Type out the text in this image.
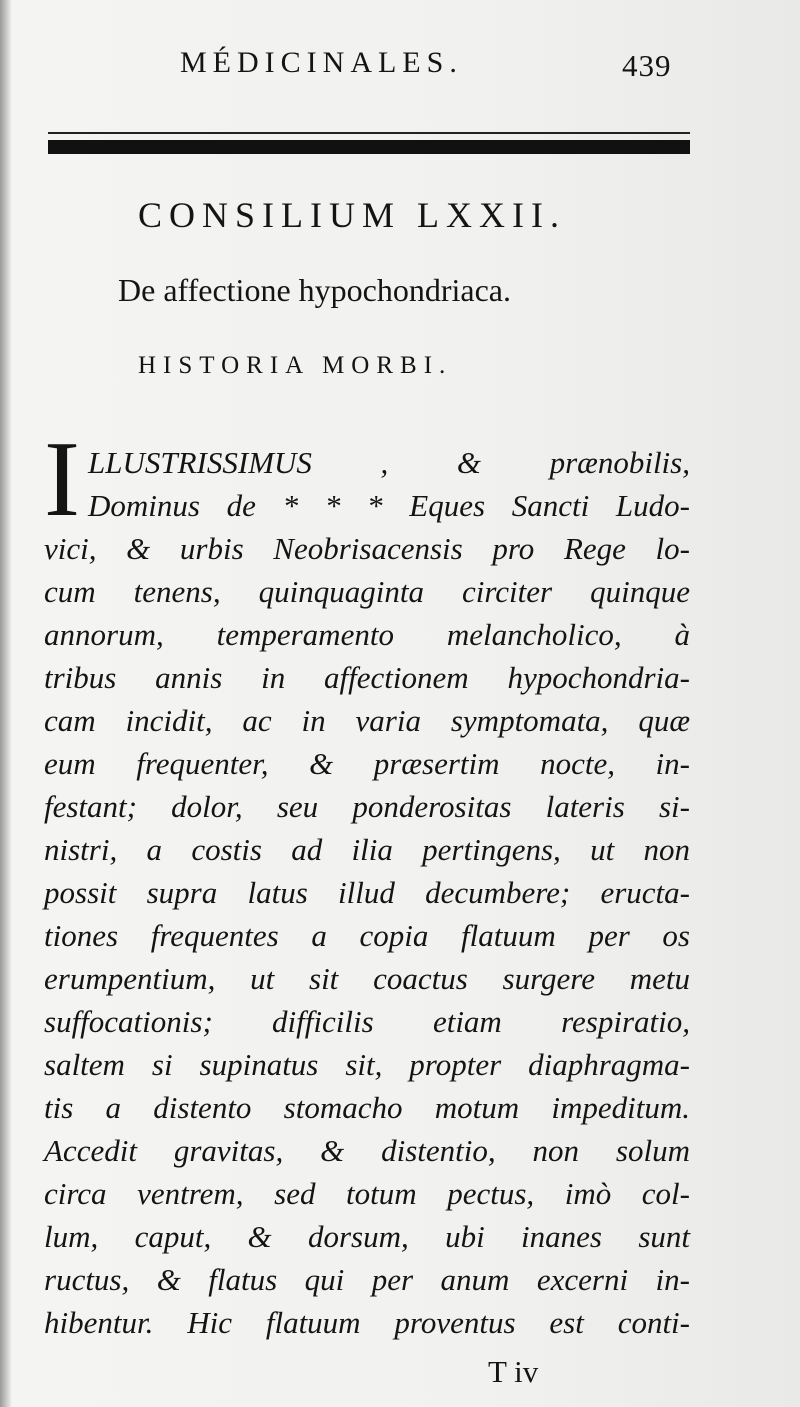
MÉDICINALES.	439
CONSILIUM LXXII.
De affectione hypochondriaca.
HISTORIA MORBI.
I LLUSTRISSIMUS , & prænobilis,
Dominus de * * * Eques Sancti Ludo-
vici, & urbis Neobrisacensis pro Rege lo-
cum tenens, quinquaginta circiter quinque
annorum, temperamento melancholico, à
tribus annis in affectionem hypochondria-
cam incidit, ac in varia symptomata, quæ
eum frequenter, & præsertim nocte, in-
festant; dolor, seu ponderositas lateris si-
nistri, a costis ad ilia pertingens, ut non
possit supra latus illud decumbere; eructa-
tiones frequentes a copia flatuum per os
erumpentium, ut sit coactus surgere metu
suffocationis; difficilis etiam respiratio,
saltem si supinatus sit, propter diaphragma-
tis a distento stomacho motum impeditum.
Accedit gravitas, & distentio, non solum
circa ventrem, sed totum pectus, imò col-
lum, caput, & dorsum, ubi inanes sunt
ructus, & flatus qui per anum excerni in-
hibentur. Hic flatuum proventus est conti-
T iv
